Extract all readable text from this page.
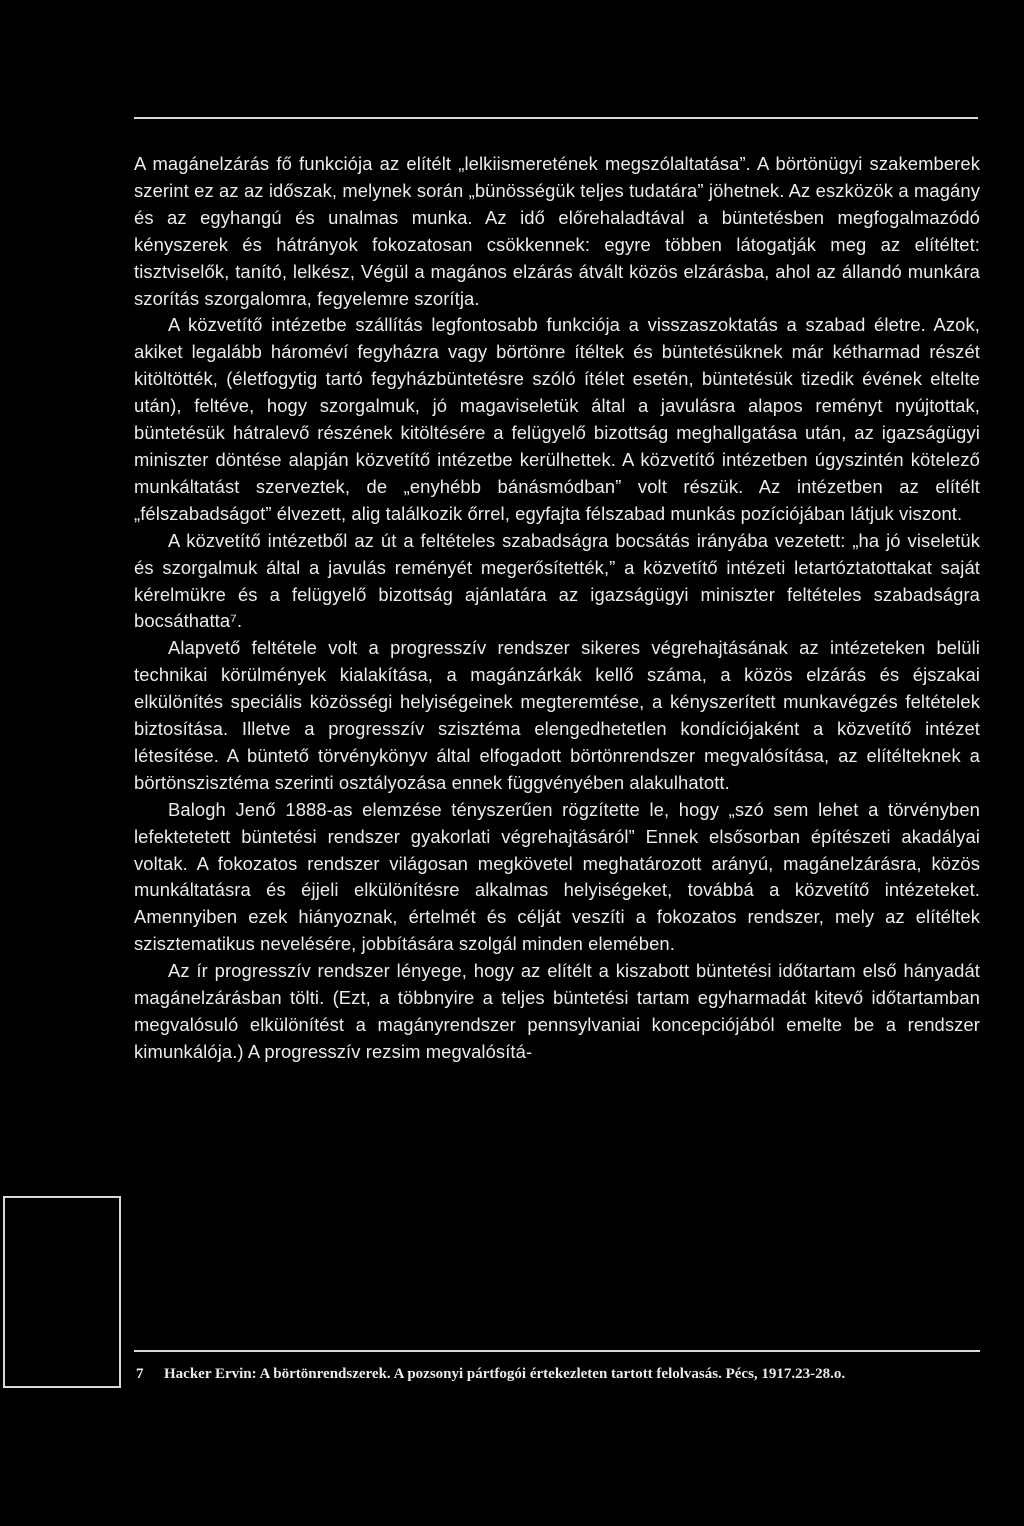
A magánelzárás fő funkciója az elítélt „lelkiismeretének megszólaltatása”. A börtönügyi szakemberek szerint ez az az időszak, melynek során „bünösségük teljes tudatára” jöhetnek. Az eszközök a magány és az egyhangú és unalmas munka. Az idő előrehaladtával a büntetésben megfogalmazódó kényszerek és hátrányok fokozatosan csökkennek: egyre többen látogatják meg az elítéltet: tisztviselők, tanító, lelkész, Végül a magános elzárás átvált közös elzárásba, ahol az állandó munkára szorítás szorgalomra, fegyelemre szorítja.

A közvetítő intézetbe szállítás legfontosabb funkciója a visszaszoktatás a szabad életre. Azok, akiket legalább hároméví fegyházra vagy börtönre ítéltek és büntetésüknek már kétharmad részét kitöltötték, (életfogytig tartó fegyházbüntetésre szóló ítélet esetén, büntetésük tizedik évének eltelte után), feltéve, hogy szorgalmuk, jó magaviseletük által a javulásra alapos reményt nyújtottak, büntetésük hátralevő részének kitöltésére a felügyelő bizottság meghallgatása után, az igazságügyi miniszter döntése alapján közvetítő intézetbe kerülhettek. A közvetítő intézetben úgyszintén kötelező munkáltatást szerveztek, de „enyhébb bánásmódban” volt részük. Az intézetben az elítélt „félszabadságot” élvezett, alig találkozik őrrel, egyfajta félszabad munkás pozíciójában látjuk viszont.

A közvetítő intézetből az út a feltételes szabadságra bocsátás irányába vezetett: „ha jó viseletük és szorgalmuk által a javulás reményét megerősítették,” a közvetítő intézeti letartóztatottakat saját kérelmükre és a felügyelő bizottság ajánlatára az igazságügyi miniszter feltételes szabadságra bocsáthatta⁷.

Alapvető feltétele volt a progresszív rendszer sikeres végrehajtásának az intézeteken belüli technikai körülmények kialakítása, a magánzárkák kellő száma, a közös elzárás és éjszakai elkülönítés speciális közösségi helyiségeinek megteremtése, a kényszerített munkavégzés feltételek biztosítása. Illetve a progresszív szisztéma elengedhetetlen kondíciójaként a közvetítő intézet létesítése. A büntető törvénykönyv által elfogadott börtönrendszer megvalósítása, az elítélteknek a börtönszisztéma szerinti osztályozása ennek függvényében alakulhatott.

Balogh Jenő 1888-as elemzése tényszerűen rögzítette le, hogy „szó sem lehet a törvényben lefektetetett büntetési rendszer gyakorlati végrehajtásáról” Ennek elsősorban építészeti akadályai voltak. A fokozatos rendszer világosan megkövetel meghatározott arányú, magánelzárásra, közös munkáltatásra és éjjeli elkülönítésre alkalmas helyiségeket, továbbá a közvetítő intézeteket. Amennyiben ezek hiányoznak, értelmét és célját veszíti a fokozatos rendszer, mely az elítéltek szisztematikus nevelésére, jobbítására szolgál minden elemében.

Az ír progresszív rendszer lényege, hogy az elítélt a kiszabott büntetési időtartam első hányadát magánelzárásban tölti. (Ezt, a többnyire a teljes büntetési tartam egyharmadát kitevő időtartamban megvalósuló elkülönítést a magányrendszer pennsylvaniai koncepciójából emelte be a rendszer kimunkálója.) A progresszív rezsim megvalósítá-

7 Hacker Ervin: A börtönrendszerek. A pozsonyi pártfogói értekezleten tartott felolvasás. Pécs, 1917.23-28.o.
